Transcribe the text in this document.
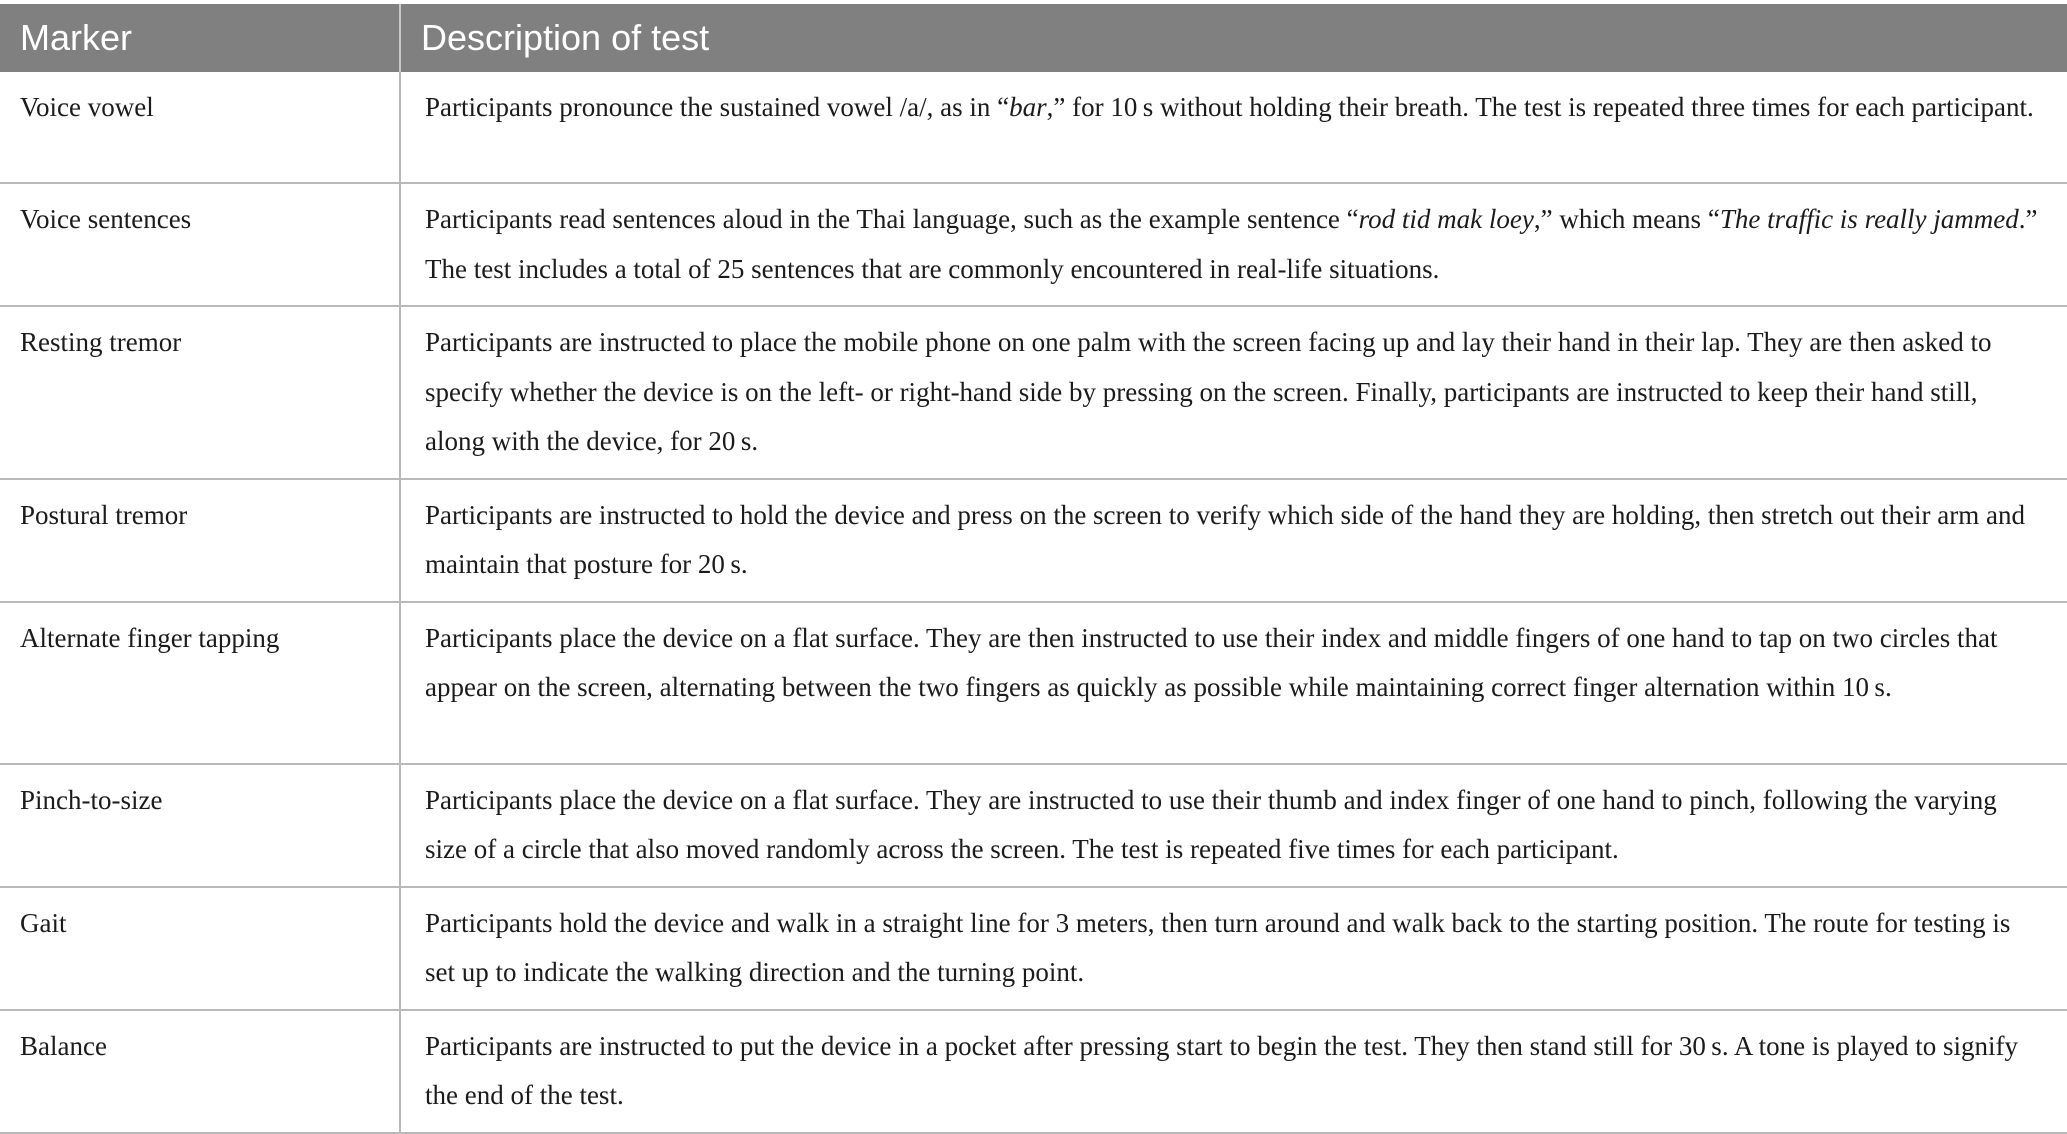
Marker	Description of test
Voice vowel	Participants pronounce the sustained vowel /a/, as in “bar,” for 10 s without holding their breath. The test is repeated three times for each participant.
Voice sentences	Participants read sentences aloud in the Thai language, such as the example sentence “rod tid mak loey,” which means “The traffic is really jammed.” The test includes a total of 25 sentences that are commonly encountered in real-life situations.
Resting tremor	Participants are instructed to place the mobile phone on one palm with the screen facing up and lay their hand in their lap. They are then asked to specify whether the device is on the left- or right-hand side by pressing on the screen. Finally, participants are instructed to keep their hand still, along with the device, for 20 s.
Postural tremor	Participants are instructed to hold the device and press on the screen to verify which side of the hand they are holding, then stretch out their arm and maintain that posture for 20 s.
Alternate finger tapping	Participants place the device on a flat surface. They are then instructed to use their index and middle fingers of one hand to tap on two circles that appear on the screen, alternating between the two fingers as quickly as possible while maintaining correct finger alternation within 10 s.
Pinch-to-size	Participants place the device on a flat surface. They are instructed to use their thumb and index finger of one hand to pinch, following the varying size of a circle that also moved randomly across the screen. The test is repeated five times for each participant.
Gait	Participants hold the device and walk in a straight line for 3 meters, then turn around and walk back to the starting position. The route for testing is set up to indicate the walking direction and the turning point.
Balance	Participants are instructed to put the device in a pocket after pressing start to begin the test. They then stand still for 30 s. A tone is played to signify the end of the test.
